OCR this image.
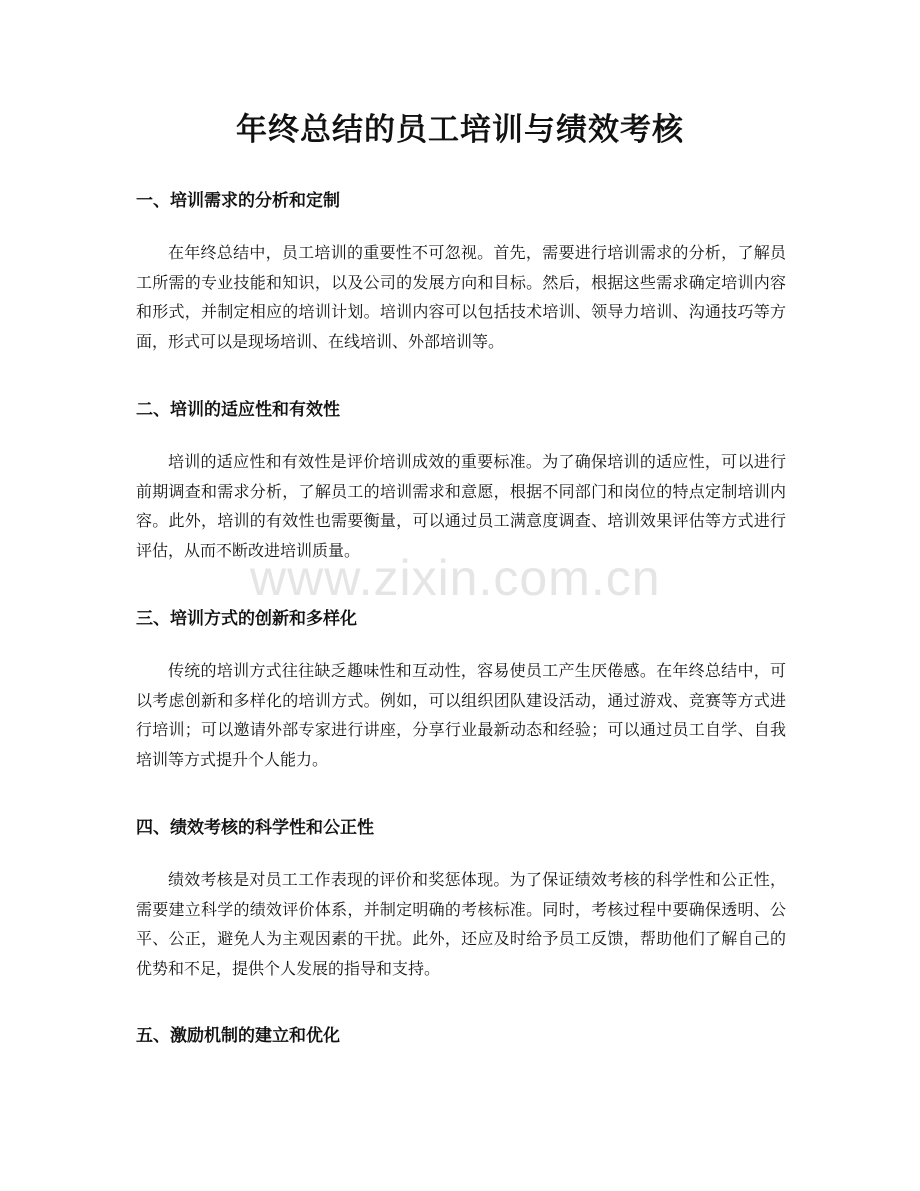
年终总结的员工培训与绩效考核
一、培训需求的分析和定制

在年终总结中，员工培训的重要性不可忽视。首先，需要进行培训需求的分析，了解员工所需的专业技能和知识，以及公司的发展方向和目标。然后，根据这些需求确定培训内容和形式，并制定相应的培训计划。培训内容可以包括技术培训、领导力培训、沟通技巧等方面，形式可以是现场培训、在线培训、外部培训等。

二、培训的适应性和有效性

培训的适应性和有效性是评价培训成效的重要标准。为了确保培训的适应性，可以进行前期调查和需求分析，了解员工的培训需求和意愿，根据不同部门和岗位的特点定制培训内容。此外，培训的有效性也需要衡量，可以通过员工满意度调查、培训效果评估等方式进行评估，从而不断改进培训质量。

三、培训方式的创新和多样化

传统的培训方式往往缺乏趣味性和互动性，容易使员工产生厌倦感。在年终总结中，可以考虑创新和多样化的培训方式。例如，可以组织团队建设活动，通过游戏、竞赛等方式进行培训；可以邀请外部专家进行讲座，分享行业最新动态和经验；可以通过员工自学、自我培训等方式提升个人能力。

四、绩效考核的科学性和公正性

绩效考核是对员工工作表现的评价和奖惩体现。为了保证绩效考核的科学性和公正性，需要建立科学的绩效评价体系，并制定明确的考核标准。同时，考核过程中要确保透明、公平、公正，避免人为主观因素的干扰。此外，还应及时给予员工反馈，帮助他们了解自己的优势和不足，提供个人发展的指导和支持。

五、激励机制的建立和优化
www.zixin.com.cn
